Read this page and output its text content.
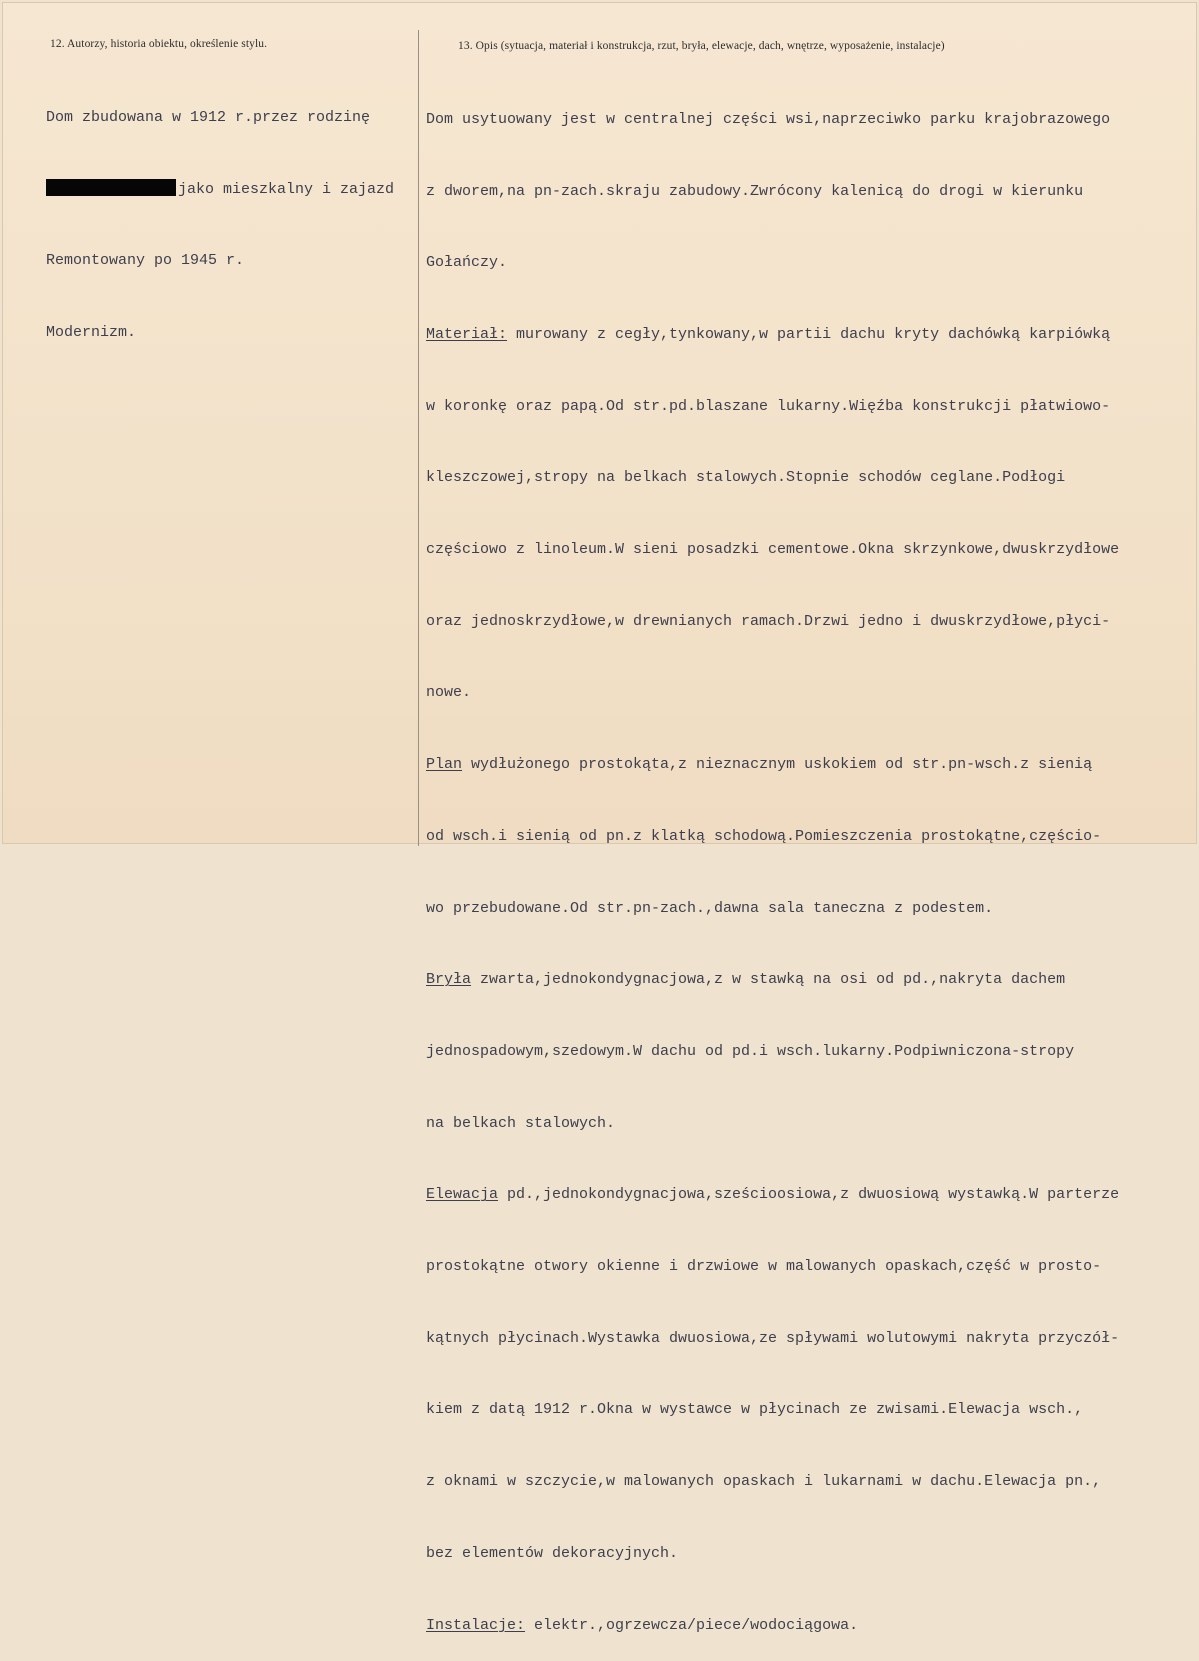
12. Autorzy, historia obiektu, określenie stylu.	13. Opis (sytuacja, materiał i konstrukcja, rzut, bryła, elewacje, dach, wnętrze, wyposażenie, instalacje)

Dom zbudowana w 1912 r.przez rodzinę

jako mieszkalny i zajazd

Remontowany po 1945 r.

Modernizm.

Dom usytuowany jest w centralnej części wsi,naprzeciwko parku krajobrazowego

z dworem,na pn-zach.skraju zabudowy.Zwrócony kalenicą do drogi w kierunku

Gołańczy.

Materiał: murowany z cegły,tynkowany,w partii dachu kryty dachówką karpiówką

w koronkę oraz papą.Od str.pd.blaszane lukarny.Więźba konstrukcji płatwiowo-

kleszczowej,stropy na belkach stalowych.Stopnie schodów ceglane.Podłogi

częściowo z linoleum.W sieni posadzki cementowe.Okna skrzynkowe,dwuskrzydłowe

oraz jednoskrzydłowe,w drewnianych ramach.Drzwi jedno i dwuskrzydłowe,płyci-

nowe.

Plan wydłużonego prostokąta,z nieznacznym uskokiem od str.pn-wsch.z sienią

od wsch.i sienią od pn.z klatką schodową.Pomieszczenia prostokątne,częścio-

wo przebudowane.Od str.pn-zach.,dawna sala taneczna z podestem.

Bryła zwarta,jednokondygnacjowa,z w stawką na osi od pd.,nakryta dachem

jednospadowym,szedowym.W dachu od pd.i wsch.lukarny.Podpiwniczona-stropy

na belkach stalowych.

Elewacja pd.,jednokondygnacjowa,sześcioosiowa,z dwuosiową wystawką.W parterze

prostokątne otwory okienne i drzwiowe w malowanych opaskach,część w prosto-

kątnych płycinach.Wystawka dwuosiowa,ze spływami wolutowymi nakryta przyczół-

kiem z datą 1912 r.Okna w wystawce w płycinach ze zwisami.Elewacja wsch.,

z oknami w szczycie,w malowanych opaskach i lukarnami w dachu.Elewacja pn.,

bez elementów dekoracyjnych.

Instalacje: elektr.,ogrzewcza/piece/wodociągowa.
